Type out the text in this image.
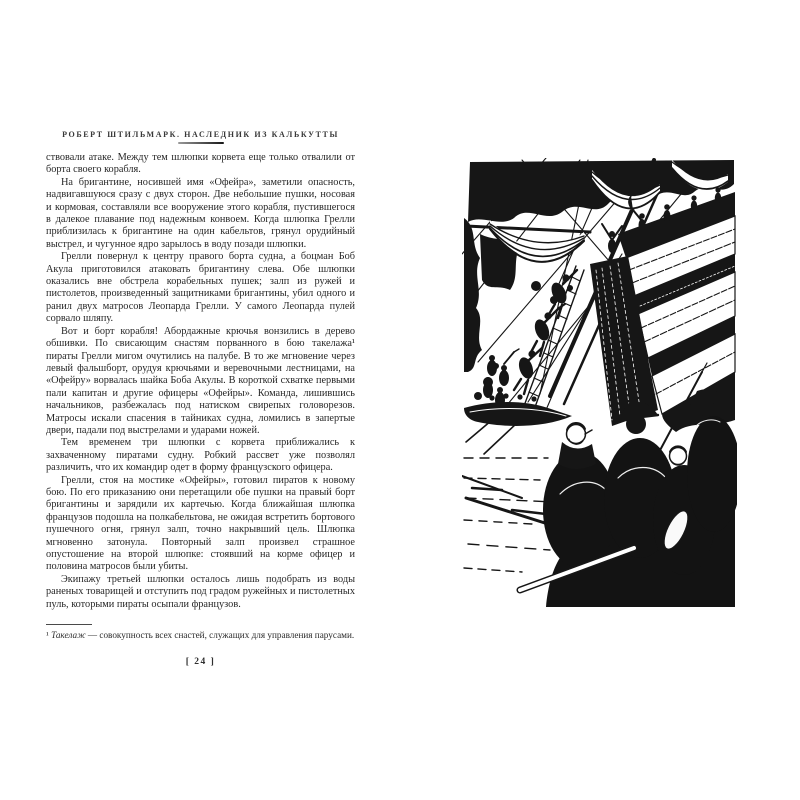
РОБЕРТ ШТИЛЬМАРК. НАСЛЕДНИК ИЗ КАЛЬКУТТЫ

ствовали атаке. Между тем шлюпки корвета еще только отвалили от борта своего корабля.

На бригантине, носившей имя «Офейра», заметили опасность, надвигавшуюся сразу с двух сторон. Две небольшие пушки, носовая и кормовая, составляли все вооружение этого корабля, пустившегося в далекое плавание под надежным конвоем. Когда шлюпка Грелли приблизилась к бригантине на один кабельтов, грянул орудийный выстрел, и чугунное ядро зарылось в воду позади шлюпки.

Грелли повернул к центру правого борта судна, а боцман Боб Акула приготовился атаковать бригантину слева. Обе шлюпки оказались вне обстрела корабельных пушек; залп из ружей и пистолетов, произведенный защитниками бригантины, убил одного и ранил двух матросов Леопарда Грелли. У самого Леопарда пулей сорвало шляпу.

Вот и борт корабля! Абордажные крючья вонзились в дерево обшивки. По свисающим снастям порванного в бою такелажа¹ пираты Грелли мигом очутились на палубе. В то же мгновение через левый фальшборт, орудуя крючьями и веревочными лестницами, на «Офейру» ворвалась шайка Боба Акулы. В короткой схватке первыми пали капитан и другие офицеры «Офейры». Команда, лишившись начальников, разбежалась под натиском свирепых головорезов. Матросы искали спасения в тайниках судна, ломились в запертые двери, падали под выстрелами и ударами ножей.

Тем временем три шлюпки с корвета приближались к захваченному пиратами судну. Робкий рассвет уже позволял различить, что их командир одет в форму французского офицера.

Грелли, стоя на мостике «Офейры», готовил пиратов к новому бою. По его приказанию они перетащили обе пушки на правый борт бригантины и зарядили их картечью. Когда ближайшая шлюпка французов подошла на полкабельтова, не ожидая встретить бортового пушечного огня, грянул залп, точно накрывший цель. Шлюпка мгновенно затонула. Повторный залп произвел страшное опустошение на второй шлюпке: стоявший на корме офицер и половина матросов были убиты.

Экипажу третьей шлюпки осталось лишь подобрать из воды раненых товарищей и отступить под градом ружейных и пистолетных пуль, которыми пираты осыпали французов.

¹ Такелаж — совокупность всех снастей, служащих для управления парусами.
[ 24 ]
